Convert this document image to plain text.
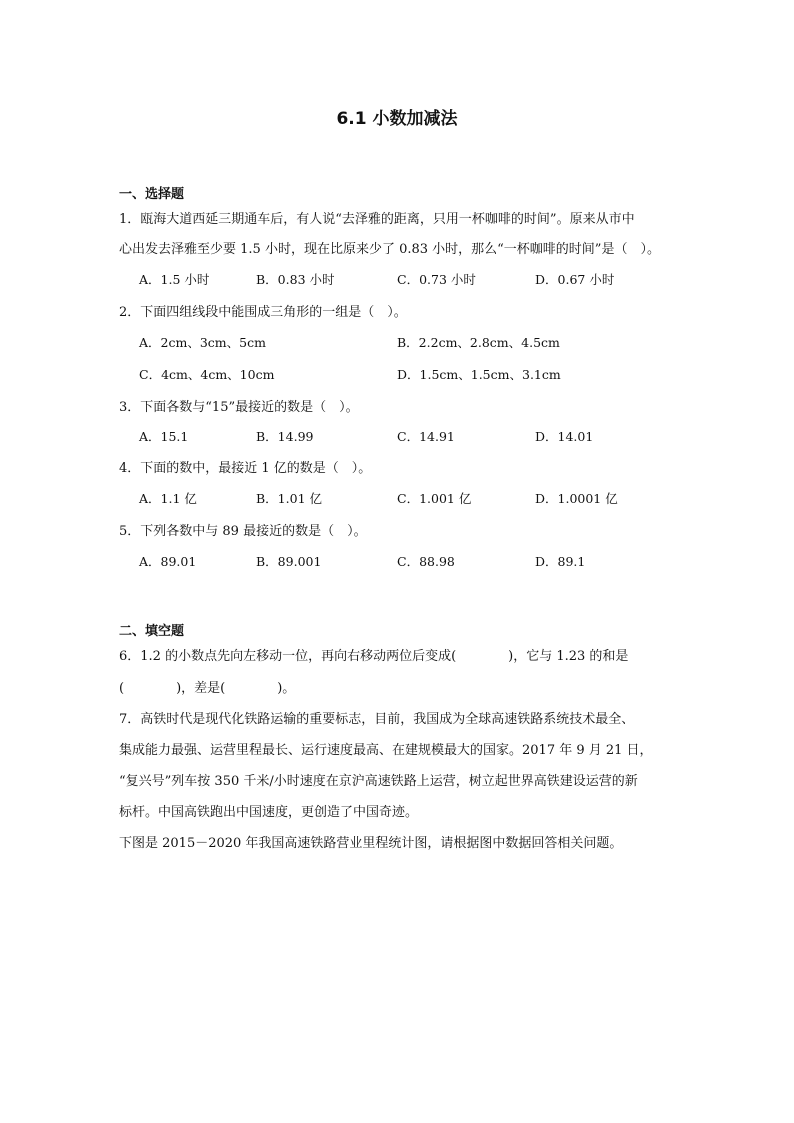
6.1 小数加减法
一、选择题
1．瓯海大道西延三期通车后，有人说“去泽雅的距离，只用一杯咖啡的时间”。原来从市中
心出发去泽雅至少要 1.5 小时，现在比原来少了 0.83 小时，那么“一杯咖啡的时间”是（　）。
A．1.5 小时	B．0.83 小时	C．0.73 小时	D．0.67 小时
2．下面四组线段中能围成三角形的一组是（　）。
A．2cm、3cm、5cm	B．2.2cm、2.8cm、4.5cm
C．4cm、4cm、10cm	D．1.5cm、1.5cm、3.1cm
3．下面各数与“15”最接近的数是（　）。
A．15.1	B．14.99	C．14.91	D．14.01
4．下面的数中，最接近 1 亿的数是（　）。
A．1.1 亿	B．1.01 亿	C．1.001 亿	D．1.0001 亿
5．下列各数中与 89 最接近的数是（　）。
A．89.01	B．89.001	C．88.98	D．89.1
二、填空题
6．1.2 的小数点先向左移动一位，再向右移动两位后变成(　　　　)，它与 1.23 的和是
(　　　　)，差是(　　　　)。
7．高铁时代是现代化铁路运输的重要标志，目前，我国成为全球高速铁路系统技术最全、
集成能力最强、运营里程最长、运行速度最高、在建规模最大的国家。2017 年 9 月 21 日，
“复兴号”列车按 350 千米/小时速度在京沪高速铁路上运营，树立起世界高铁建设运营的新
标杆。中国高铁跑出中国速度，更创造了中国奇迹。
下图是 2015－2020 年我国高速铁路营业里程统计图，请根据图中数据回答相关问题。
